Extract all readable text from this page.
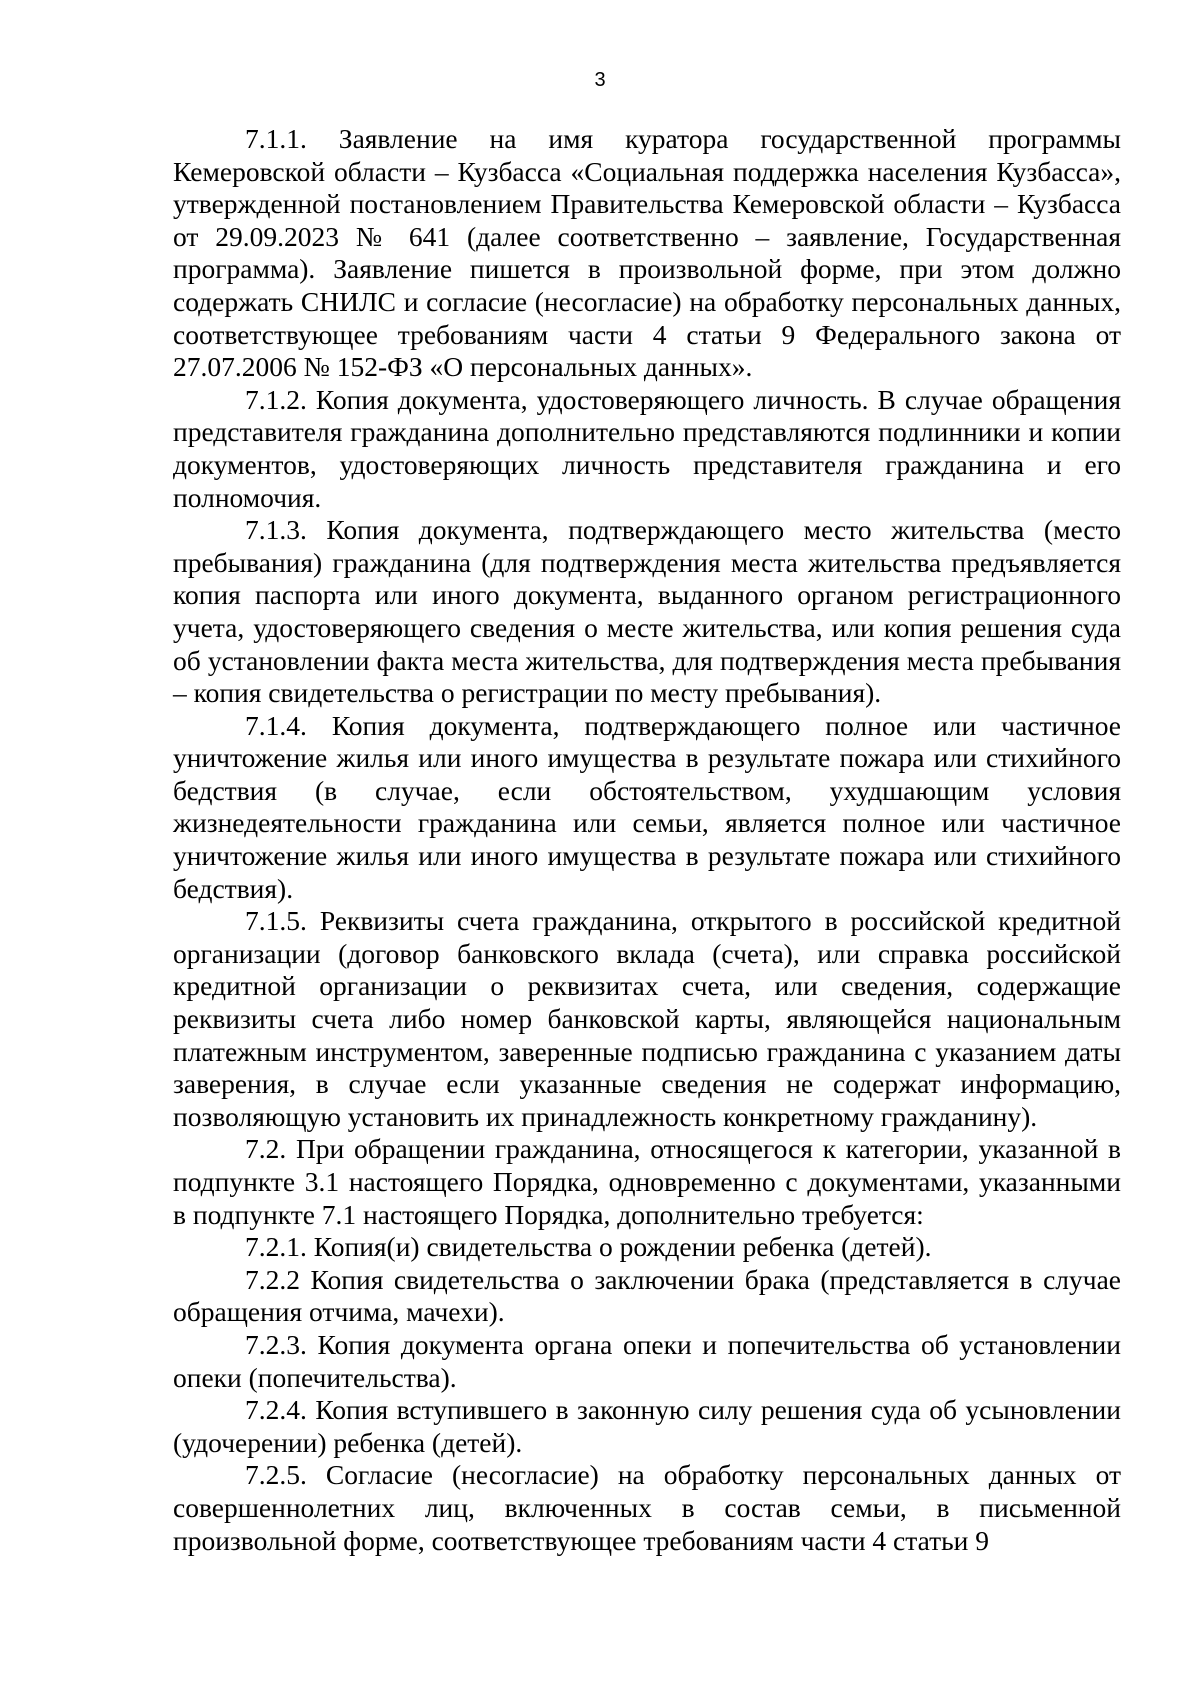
3

7.1.1. Заявление на имя куратора государственной программы Кемеровской области – Кузбасса «Социальная поддержка населения Кузбасса», утвержденной постановлением Правительства Кемеровской области – Кузбасса от 29.09.2023 № 641 (далее соответственно – заявление, Государственная программа). Заявление пишется в произвольной форме, при этом должно содержать СНИЛС и согласие (несогласие) на обработку персональных данных, соответствующее требованиям части 4 статьи 9 Федерального закона от 27.07.2006 № 152-ФЗ «О персональных данных».

7.1.2. Копия документа, удостоверяющего личность. В случае обращения представителя гражданина дополнительно представляются подлинники и копии документов, удостоверяющих личность представителя гражданина и его полномочия.

7.1.3. Копия документа, подтверждающего место жительства (место пребывания) гражданина (для подтверждения места жительства предъявляется копия паспорта или иного документа, выданного органом регистрационного учета, удостоверяющего сведения о месте жительства, или копия решения суда об установлении факта места жительства, для подтверждения места пребывания – копия свидетельства о регистрации по месту пребывания).

7.1.4. Копия документа, подтверждающего полное или частичное уничтожение жилья или иного имущества в результате пожара или стихийного бедствия (в случае, если обстоятельством, ухудшающим условия жизнедеятельности гражданина или семьи, является полное или частичное уничтожение жилья или иного имущества в результате пожара или стихийного бедствия).

7.1.5. Реквизиты счета гражданина, открытого в российской кредитной организации (договор банковского вклада (счета), или справка российской кредитной организации о реквизитах счета, или сведения, содержащие реквизиты счета либо номер банковской карты, являющейся национальным платежным инструментом, заверенные подписью гражданина с указанием даты заверения, в случае если указанные сведения не содержат информацию, позволяющую установить их принадлежность конкретному гражданину).

7.2. При обращении гражданина, относящегося к категории, указанной в подпункте 3.1 настоящего Порядка, одновременно с документами, указанными в подпункте 7.1 настоящего Порядка, дополнительно требуется:

7.2.1. Копия(и) свидетельства о рождении ребенка (детей).

7.2.2 Копия свидетельства о заключении брака (представляется в случае обращения отчима, мачехи).

7.2.3. Копия документа органа опеки и попечительства об установлении опеки (попечительства).

7.2.4. Копия вступившего в законную силу решения суда об усыновлении (удочерении) ребенка (детей).

7.2.5. Согласие (несогласие) на обработку персональных данных от совершеннолетних лиц, включенных в состав семьи, в письменной произвольной форме, соответствующее требованиям части 4 статьи 9
